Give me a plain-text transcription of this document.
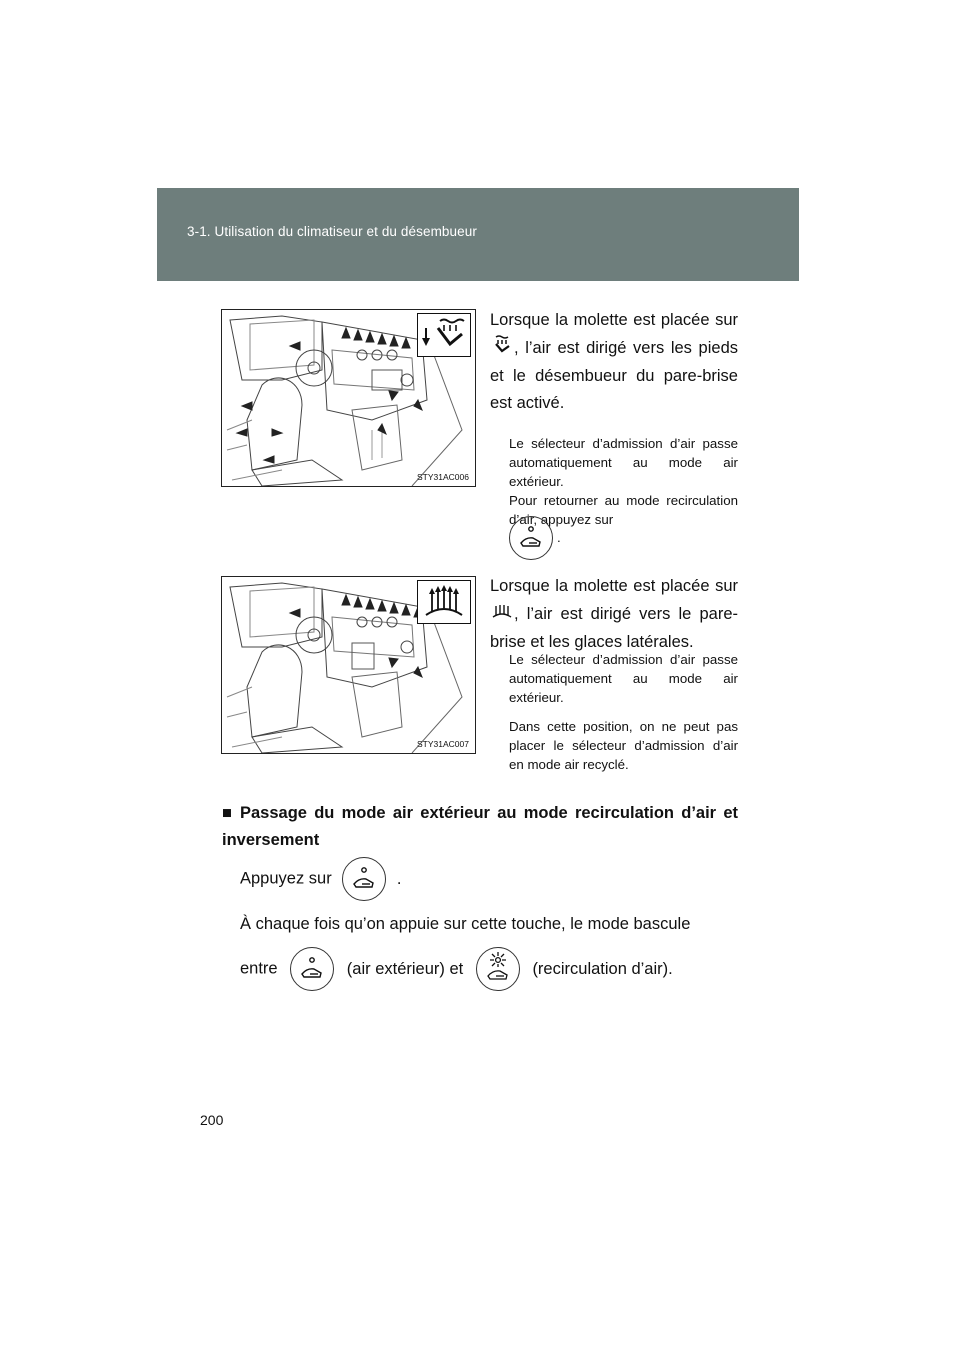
3-1. Utilisation du climatiseur et du désembueur
STY31AC006
Lorsque la molette est placée sur , l’air est dirigé vers les pieds et le désembueur du pare-brise est activé.
Le sélecteur d’admission d’air passe automatiquement au mode air extérieur.
Pour retourner au mode recirculation d’air, appuyez sur
.
STY31AC007
Lorsque la molette est placée sur , l’air est dirigé vers le pare-brise et les glaces latérales.
Le sélecteur d’admission d’air passe automatiquement au mode air extérieur.
Dans cette position, on ne peut pas placer le sélecteur d’admission d’air en mode air recyclé.
■ Passage du mode air extérieur au mode recirculation d’air et inversement
Appuyez sur	.
À chaque fois qu’on appuie sur cette touche, le mode bascule
entre	(air extérieur) et	(recirculation d’air).
200
